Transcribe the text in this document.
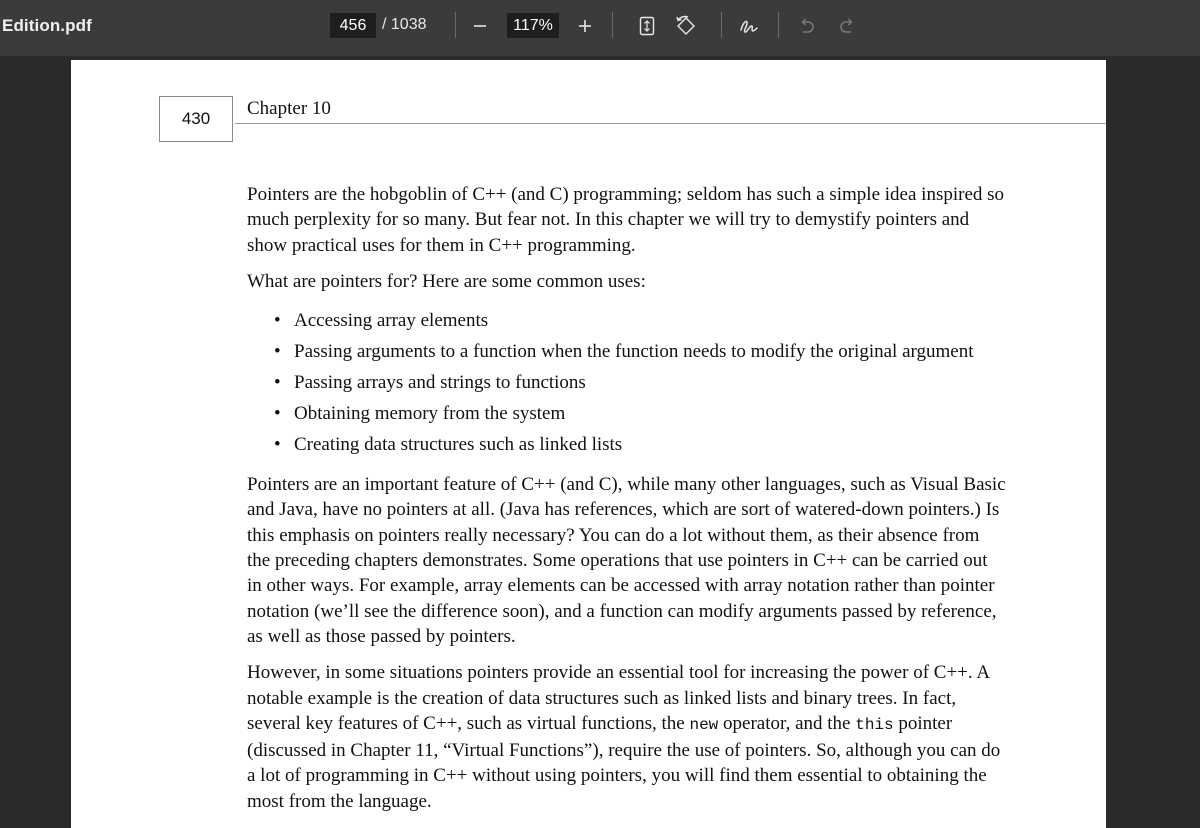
Edition.pdf	456 / 1038	117%
430	Chapter 10

Pointers are the hobgoblin of C++ (and C) programming; seldom has such a simple idea inspired so much perplexity for so many. But fear not. In this chapter we will try to demystify pointers and show practical uses for them in C++ programming.

What are pointers for? Here are some common uses:

• Accessing array elements
• Passing arguments to a function when the function needs to modify the original argument
• Passing arrays and strings to functions
• Obtaining memory from the system
• Creating data structures such as linked lists

Pointers are an important feature of C++ (and C), while many other languages, such as Visual Basic and Java, have no pointers at all. (Java has references, which are sort of watered-down pointers.) Is this emphasis on pointers really necessary? You can do a lot without them, as their absence from the preceding chapters demonstrates. Some operations that use pointers in C++ can be carried out in other ways. For example, array elements can be accessed with array notation rather than pointer notation (we’ll see the difference soon), and a function can modify arguments passed by reference, as well as those passed by pointers.

However, in some situations pointers provide an essential tool for increasing the power of C++. A notable example is the creation of data structures such as linked lists and binary trees. In fact, several key features of C++, such as virtual functions, the new operator, and the this pointer (discussed in Chapter 11, “Virtual Functions”), require the use of pointers. So, although you can do a lot of programming in C++ without using pointers, you will find them essential to obtaining the most from the language.
